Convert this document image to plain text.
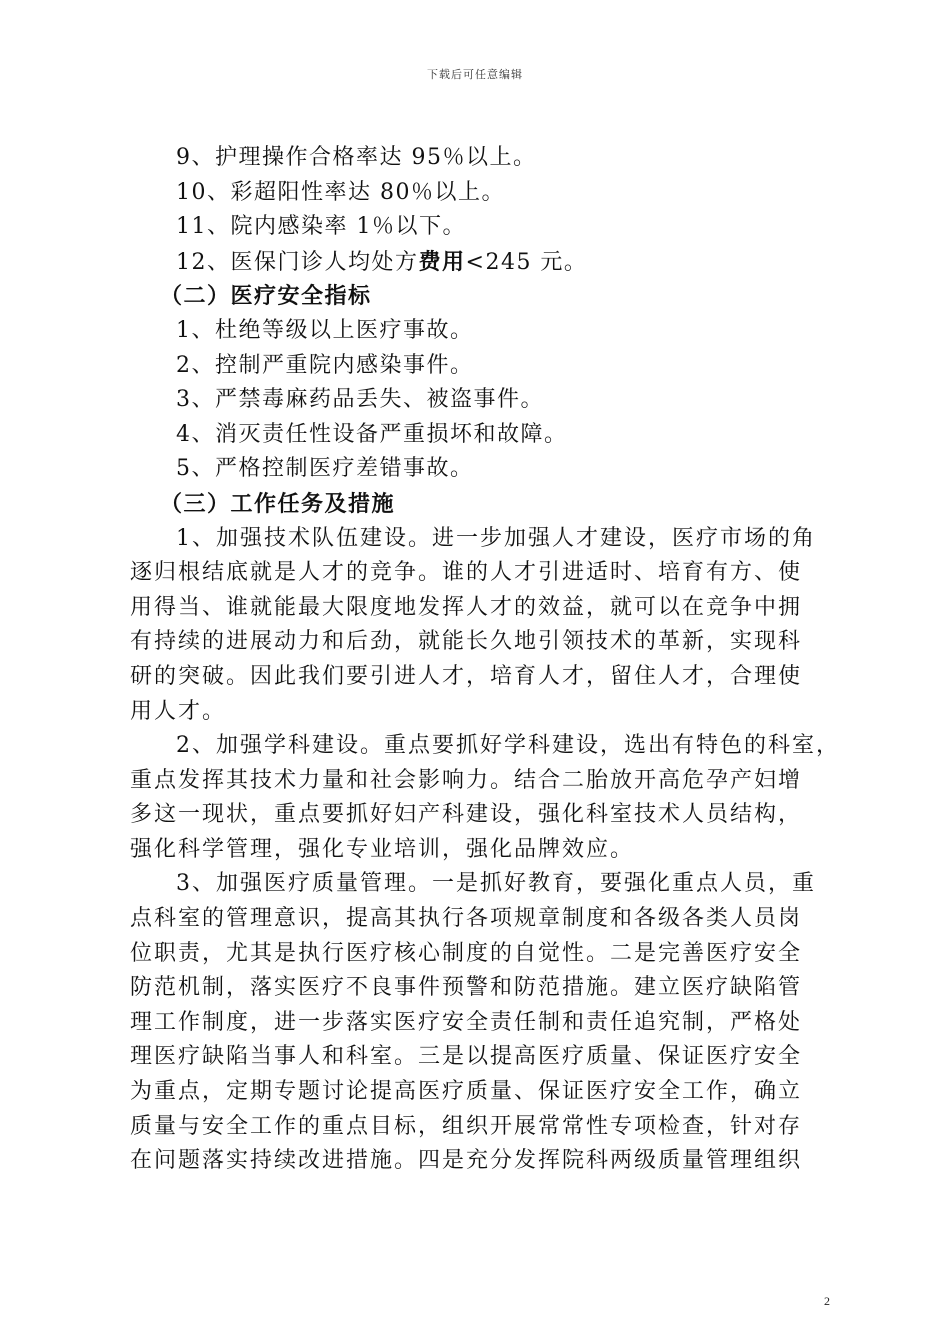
下载后可任意编辑
9、护理操作合格率达 95％以上。
10、彩超阳性率达 80％以上。
11、院内感染率 1％以下。
12、医保门诊人均处方费用<245 元。
（二）医疗安全指标
1、杜绝等级以上医疗事故。
2、控制严重院内感染事件。
3、严禁毒麻药品丢失、被盗事件。
4、消灭责任性设备严重损坏和故障。
5、严格控制医疗差错事故。
（三）工作任务及措施
1、加强技术队伍建设。进一步加强人才建设，医疗市场的角
逐归根结底就是人才的竞争。谁的人才引进适时、培育有方、使
用得当、谁就能最大限度地发挥人才的效益，就可以在竞争中拥
有持续的进展动力和后劲，就能长久地引领技术的革新，实现科
研的突破。因此我们要引进人才，培育人才，留住人才，合理使
用人才。
2、加强学科建设。重点要抓好学科建设，选出有特色的科室，
重点发挥其技术力量和社会影响力。结合二胎放开高危孕产妇增
多这一现状，重点要抓好妇产科建设，强化科室技术人员结构，
强化科学管理，强化专业培训，强化品牌效应。
3、加强医疗质量管理。一是抓好教育，要强化重点人员，重
点科室的管理意识，提高其执行各项规章制度和各级各类人员岗
位职责，尤其是执行医疗核心制度的自觉性。二是完善医疗安全
防范机制，落实医疗不良事件预警和防范措施。建立医疗缺陷管
理工作制度，进一步落实医疗安全责任制和责任追究制，严格处
理医疗缺陷当事人和科室。三是以提高医疗质量、保证医疗安全
为重点，定期专题讨论提高医疗质量、保证医疗安全工作，确立
质量与安全工作的重点目标，组织开展常常性专项检查，针对存
在问题落实持续改进措施。四是充分发挥院科两级质量管理组织
2
